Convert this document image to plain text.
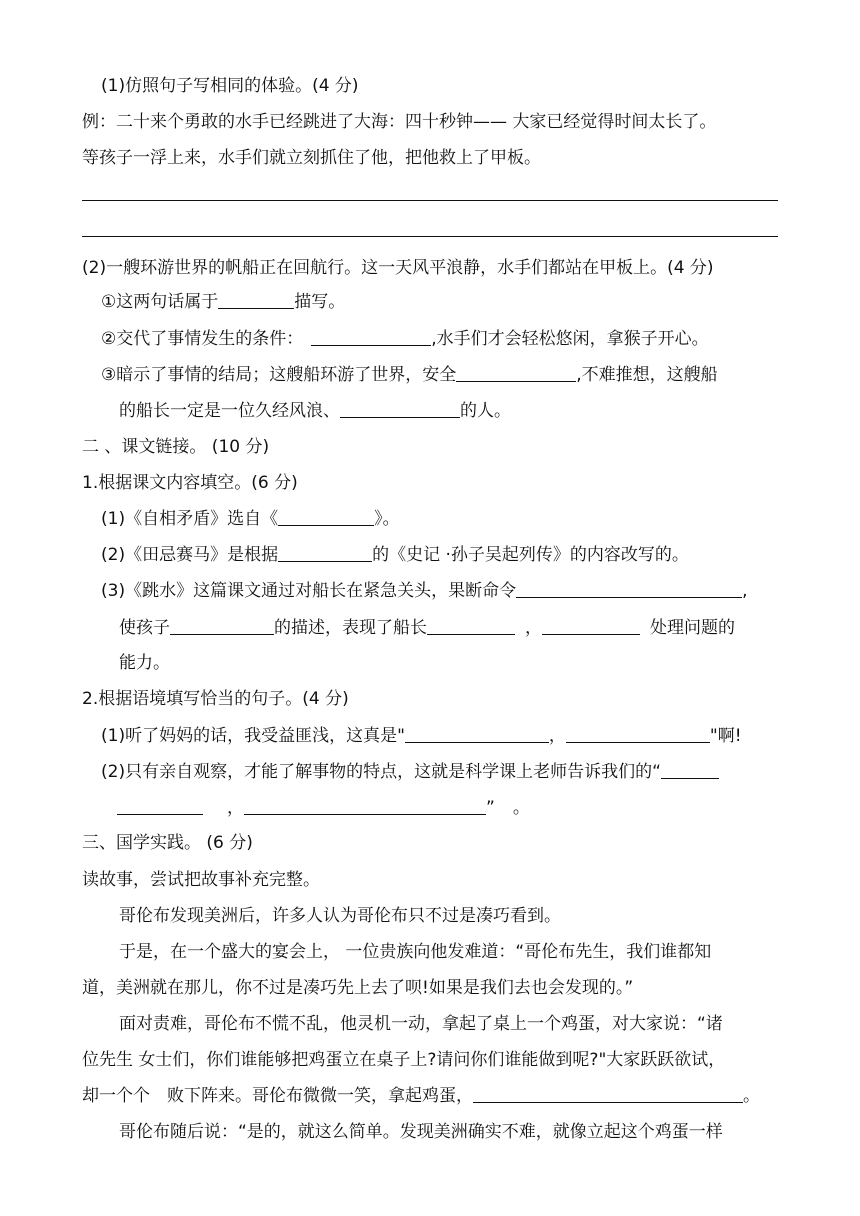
(1)仿照句子写相同的体验。(4 分)
例：二十来个勇敢的水手已经跳进了大海：四十秒钟—— 大家已经觉得时间太长了。
等孩子一浮上来，水手们就立刻抓住了他，把他救上了甲板。
(2)一艘环游世界的帆船正在回航行。这一天风平浪静，水手们都站在甲板上。(4 分)
①这两句话属于	描写。
②交代了事情发生的条件：	,水手们才会轻松悠闲，拿猴子开心。
③暗示了事情的结局；这艘船环游了世界，安全	,不难推想，这艘船
的船长一定是一位久经风浪、	的人。
二 、课文链接。 (10 分)
1.根据课文内容填空。(6 分)
(1)《自相矛盾》选自《	》。
(2)《田忌赛马》是根据	的《史记 ·孙子吴起列传》的内容改写的。
(3)《跳水》这篇课文通过对船长在紧急关头，果断命令	,
使孩子	的描述，表现了船长	，	处理问题的
能力。
2.根据语境填写恰当的句子。(4 分)
(1)听了妈妈的话，我受益匪浅，这真是"	，	"啊!
(2)只有亲自观察，才能了解事物的特点，这就是科学课上老师告诉我们的“
，	” 。
三、国学实践。 (6 分)
读故事，尝试把故事补充完整。
哥伦布发现美洲后，许多人认为哥伦布只不过是凑巧看到。
于是，在一个盛大的宴会上， 一位贵族向他发难道：“哥伦布先生，我们谁都知
道，美洲就在那儿，你不过是凑巧先上去了呗!如果是我们去也会发现的。”
面对责难，哥伦布不慌不乱，他灵机一动，拿起了桌上一个鸡蛋，对大家说：“诸
位先生 女士们，你们谁能够把鸡蛋立在桌子上?请问你们谁能做到呢?"大家跃跃欲试，
却一个个　败下阵来。哥伦布微微一笑，拿起鸡蛋，	。
哥伦布随后说：“是的，就这么简单。发现美洲确实不难，就像立起这个鸡蛋一样
